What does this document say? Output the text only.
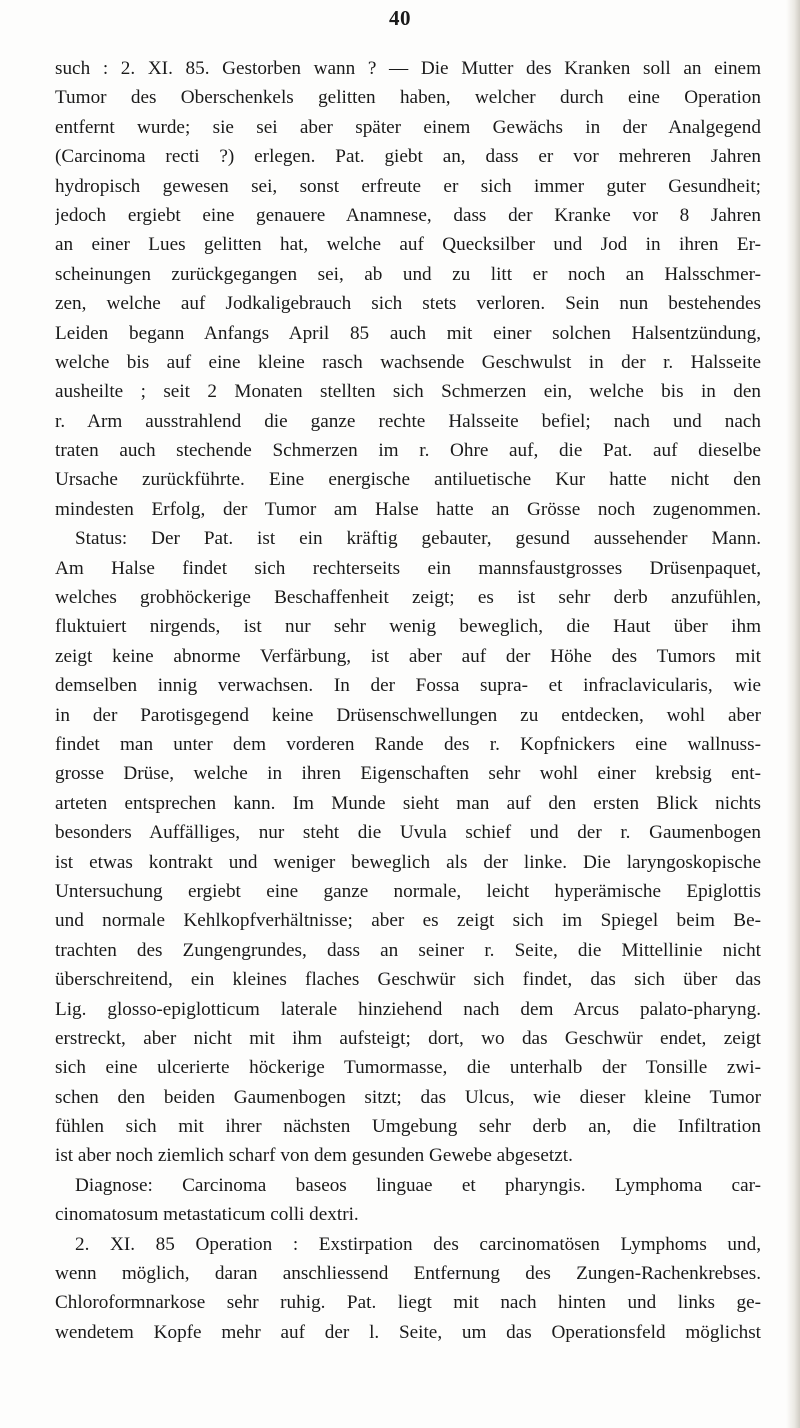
40
such : 2. XI. 85. Gestorben wann ? — Die Mutter des Kranken soll an einem
Tumor des Oberschenkels gelitten haben, welcher durch eine Operation
entfernt wurde; sie sei aber später einem Gewächs in der Analgegend
(Carcinoma recti ?) erlegen. Pat. giebt an, dass er vor mehreren Jahren
hydropisch gewesen sei, sonst erfreute er sich immer guter Gesundheit;
jedoch ergiebt eine genauere Anamnese, dass der Kranke vor 8 Jahren
an einer Lues gelitten hat, welche auf Quecksilber und Jod in ihren Er-
scheinungen zurückgegangen sei, ab und zu litt er noch an Halsschmer-
zen, welche auf Jodkaligebrauch sich stets verloren. Sein nun bestehendes
Leiden begann Anfangs April 85 auch mit einer solchen Halsentzündung,
welche bis auf eine kleine rasch wachsende Geschwulst in der r. Halsseite
ausheilte ; seit 2 Monaten stellten sich Schmerzen ein, welche bis in den
r. Arm ausstrahlend die ganze rechte Halsseite befiel; nach und nach
traten auch stechende Schmerzen im r. Ohre auf, die Pat. auf dieselbe
Ursache zurückführte. Eine energische antiluetische Kur hatte nicht den
mindesten Erfolg, der Tumor am Halse hatte an Grösse noch zugenommen.
Status: Der Pat. ist ein kräftig gebauter, gesund aussehender Mann.
Am Halse findet sich rechterseits ein mannsfaustgrosses Drüsenpaquet,
welches grobhöckerige Beschaffenheit zeigt; es ist sehr derb anzufühlen,
fluktuiert nirgends, ist nur sehr wenig beweglich, die Haut über ihm
zeigt keine abnorme Verfärbung, ist aber auf der Höhe des Tumors mit
demselben innig verwachsen. In der Fossa supra- et infraclavicularis, wie
in der Parotisgegend keine Drüsenschwellungen zu entdecken, wohl aber
findet man unter dem vorderen Rande des r. Kopfnickers eine wallnuss-
grosse Drüse, welche in ihren Eigenschaften sehr wohl einer krebsig ent-
arteten entsprechen kann. Im Munde sieht man auf den ersten Blick nichts
besonders Auffälliges, nur steht die Uvula schief und der r. Gaumenbogen
ist etwas kontrakt und weniger beweglich als der linke. Die laryngoskopische
Untersuchung ergiebt eine ganze normale, leicht hyperämische Epiglottis
und normale Kehlkopfverhältnisse; aber es zeigt sich im Spiegel beim Be-
trachten des Zungengrundes, dass an seiner r. Seite, die Mittellinie nicht
überschreitend, ein kleines flaches Geschwür sich findet, das sich über das
Lig. glosso-epiglotticum laterale hinziehend nach dem Arcus palato-pharyng.
erstreckt, aber nicht mit ihm aufsteigt; dort, wo das Geschwür endet, zeigt
sich eine ulcerierte höckerige Tumormasse, die unterhalb der Tonsille zwi-
schen den beiden Gaumenbogen sitzt; das Ulcus, wie dieser kleine Tumor
fühlen sich mit ihrer nächsten Umgebung sehr derb an, die Infiltration
ist aber noch ziemlich scharf von dem gesunden Gewebe abgesetzt.
Diagnose: Carcinoma baseos linguae et pharyngis. Lymphoma car-
cinomatosum metastaticum colli dextri.
2. XI. 85 Operation : Exstirpation des carcinomatösen Lymphoms und,
wenn möglich, daran anschliessend Entfernung des Zungen-Rachenkrebses.
Chloroformnarkose sehr ruhig. Pat. liegt mit nach hinten und links ge-
wendetem Kopfe mehr auf der l. Seite, um das Operationsfeld möglichst
